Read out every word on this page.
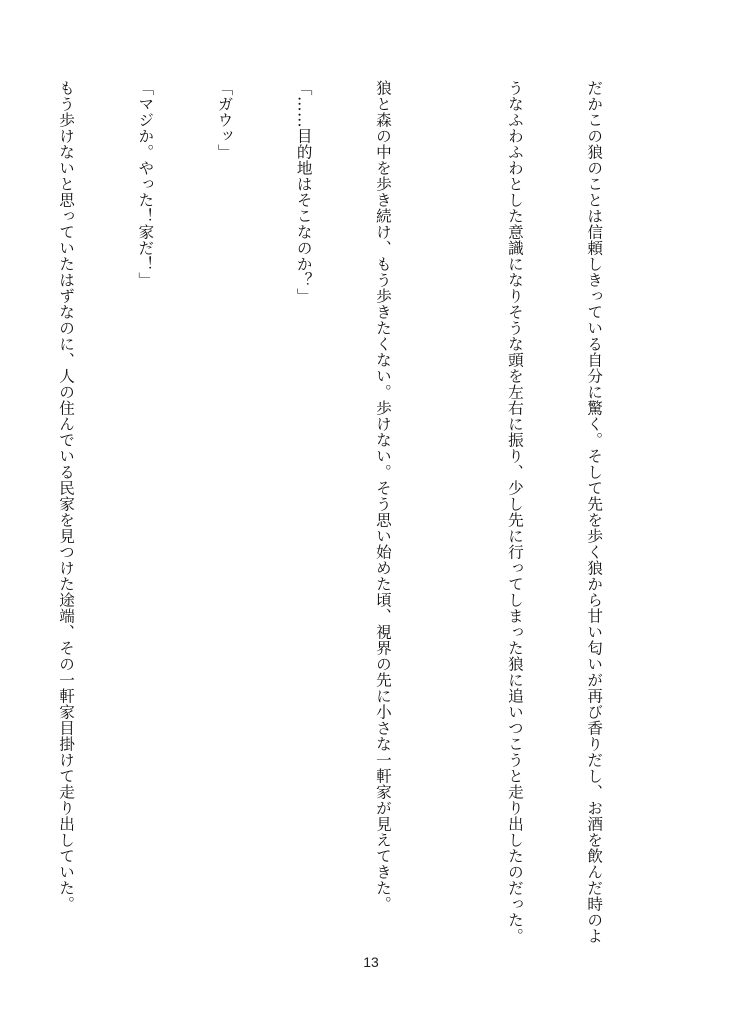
だかこの狼のことは信頼しきっている自分に驚く。そして先を歩く狼から甘い匂いが再び香りだし、お酒を飲んだ時のよ

うなふわふわとした意識になりそうな頭を左右に振り、少し先に行ってしまった狼に追いつこうと走り出したのだった。

狼と森の中を歩き続け、もう歩きたくない。歩けない。そう思い始めた頃、視界の先に小さな一軒家が見えてきた。

「……目的地はそこなのか？」

「ガウッ」

「マジか。やった！家だ！」

もう歩けないと思っていたはずなのに、人の住んでいる民家を見つけた途端、その一軒家目掛けて走り出していた。

13
